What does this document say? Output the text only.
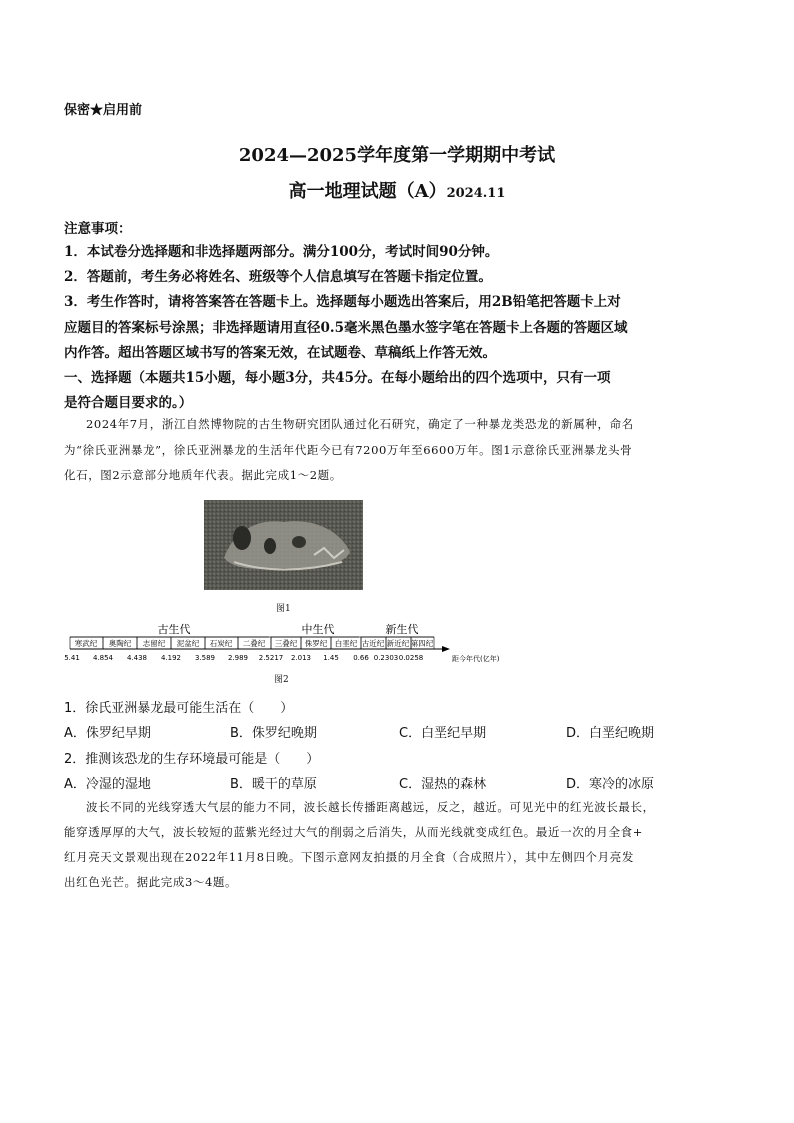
保密★启用前
2024—2025学年度第一学期期中考试
高一地理试题（A）2024.11
注意事项：
1．本试卷分选择题和非选择题两部分。满分100分，考试时间90分钟。
2．答题前，考生务必将姓名、班级等个人信息填写在答题卡指定位置。
3．考生作答时，请将答案答在答题卡上。选择题每小题选出答案后，用2B铅笔把答题卡上对
应题目的答案标号涂黑；非选择题请用直径0.5毫米黑色墨水签字笔在答题卡上各题的答题区域
内作答。超出答题区域书写的答案无效，在试题卷、草稿纸上作答无效。
一、选择题（本题共15小题，每小题3分，共45分。在每小题给出的四个选项中，只有一项
是符合题目要求的。）
2024年7月，浙江自然博物院的古生物研究团队通过化石研究，确定了一种暴龙类恐龙的新属种，命名
为“徐氏亚洲暴龙”，徐氏亚洲暴龙的生活年代距今已有7200万年至6600万年。图1示意徐氏亚洲暴龙头骨
化石，图2示意部分地质年代表。据此完成1～2题。
图1
古生代	中生代	新生代
寒武纪 奥陶纪 志留纪 泥盆纪 石炭纪 二叠纪 三叠纪 侏罗纪 白垩纪 古近纪 新近纪 第四纪
5.41 4.854 4.438 4.192 3.589 2.989 2.5217 2.013 1.45 0.66 0.2303 0.0258	距今年代(亿年)
图2
1．徐氏亚洲暴龙最可能生活在（　　）
A．侏罗纪早期	B．侏罗纪晚期	C．白垩纪早期	D．白垩纪晚期
2．推测该恐龙的生存环境最可能是（　　）
A．冷湿的湿地	B．暖干的草原	C．湿热的森林	D．寒冷的冰原
波长不同的光线穿透大气层的能力不同，波长越长传播距离越远，反之，越近。可见光中的红光波长最长，
能穿透厚厚的大气，波长较短的蓝紫光经过大气的削弱之后消失，从而光线就变成红色。最近一次的月全食+
红月亮天文景观出现在2022年11月8日晚。下图示意网友拍摄的月全食（合成照片），其中左侧四个月亮发
出红色光芒。据此完成3～4题。
